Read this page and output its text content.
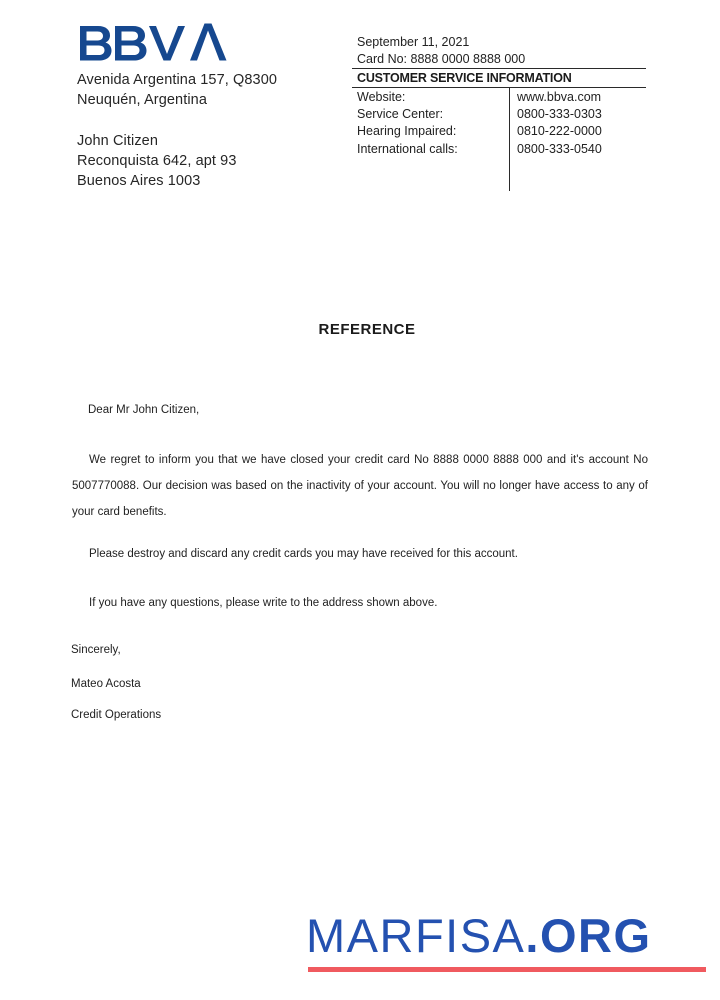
Avenida Argentina 157, Q8300
Neuquén, Argentina
John Citizen
Reconquista 642, apt 93
Buenos Aires 1003
September 11, 2021
Card No: 8888 0000 8888 000
CUSTOMER SERVICE INFORMATION
Website:	www.bbva.com
Service Center:	0800-333-0303
Hearing Impaired:	0810-222-0000
International calls:	0800-333-0540
REFERENCE
Dear Mr John Citizen,
We regret to inform you that we have closed your credit card No 8888 0000 8888 000 and it's account No 5007770088. Our decision was based on the inactivity of your account. You will no longer have access to any of your card benefits.
Please destroy and discard any credit cards you may have received for this account.
If you have any questions, please write to the address shown above.
Sincerely,
Mateo Acosta
Credit Operations
MARFISA.ORG
